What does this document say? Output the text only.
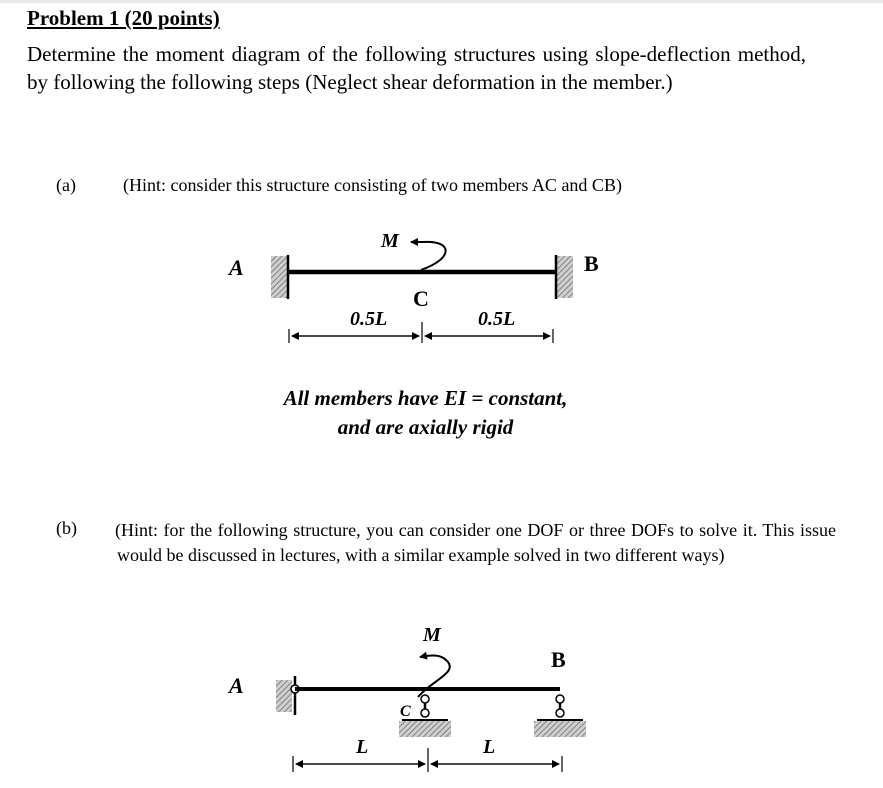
Problem 1 (20 points)
Determine the moment diagram of the following structures using slope-deflection method, by following the following steps (Neglect shear deformation in the member.)
(a)	(Hint: consider this structure consisting of two members AC and CB)
All members have EI = constant,
and are axially rigid
(b)	(Hint: for the following structure, you can consider one DOF or three DOFs to solve it. This issue would be discussed in lectures, with a similar example solved in two different ways)
M
A	B
C
0.5L	0.5L
M
A
B
C
L	L
